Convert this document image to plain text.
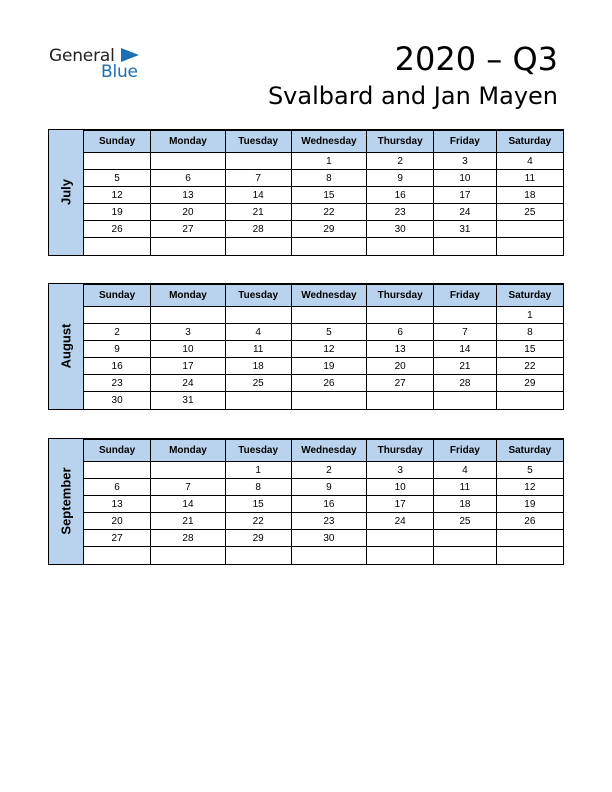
General
Blue	2020 – Q3
Svalbard and Jan Mayen
July
Sunday	Monday	Tuesday	Wednesday	Thursday	Friday	Saturday
			1	2	3	4
5	6	7	8	9	10	11
12	13	14	15	16	17	18
19	20	21	22	23	24	25
26	27	28	29	30	31	

August
Sunday	Monday	Tuesday	Wednesday	Thursday	Friday	Saturday
						1
2	3	4	5	6	7	8
9	10	11	12	13	14	15
16	17	18	19	20	21	22
23	24	25	26	27	28	29
30	31					
September
Sunday	Monday	Tuesday	Wednesday	Thursday	Friday	Saturday
		1	2	3	4	5
6	7	8	9	10	11	12
13	14	15	16	17	18	19
20	21	22	23	24	25	26
27	28	29	30			
